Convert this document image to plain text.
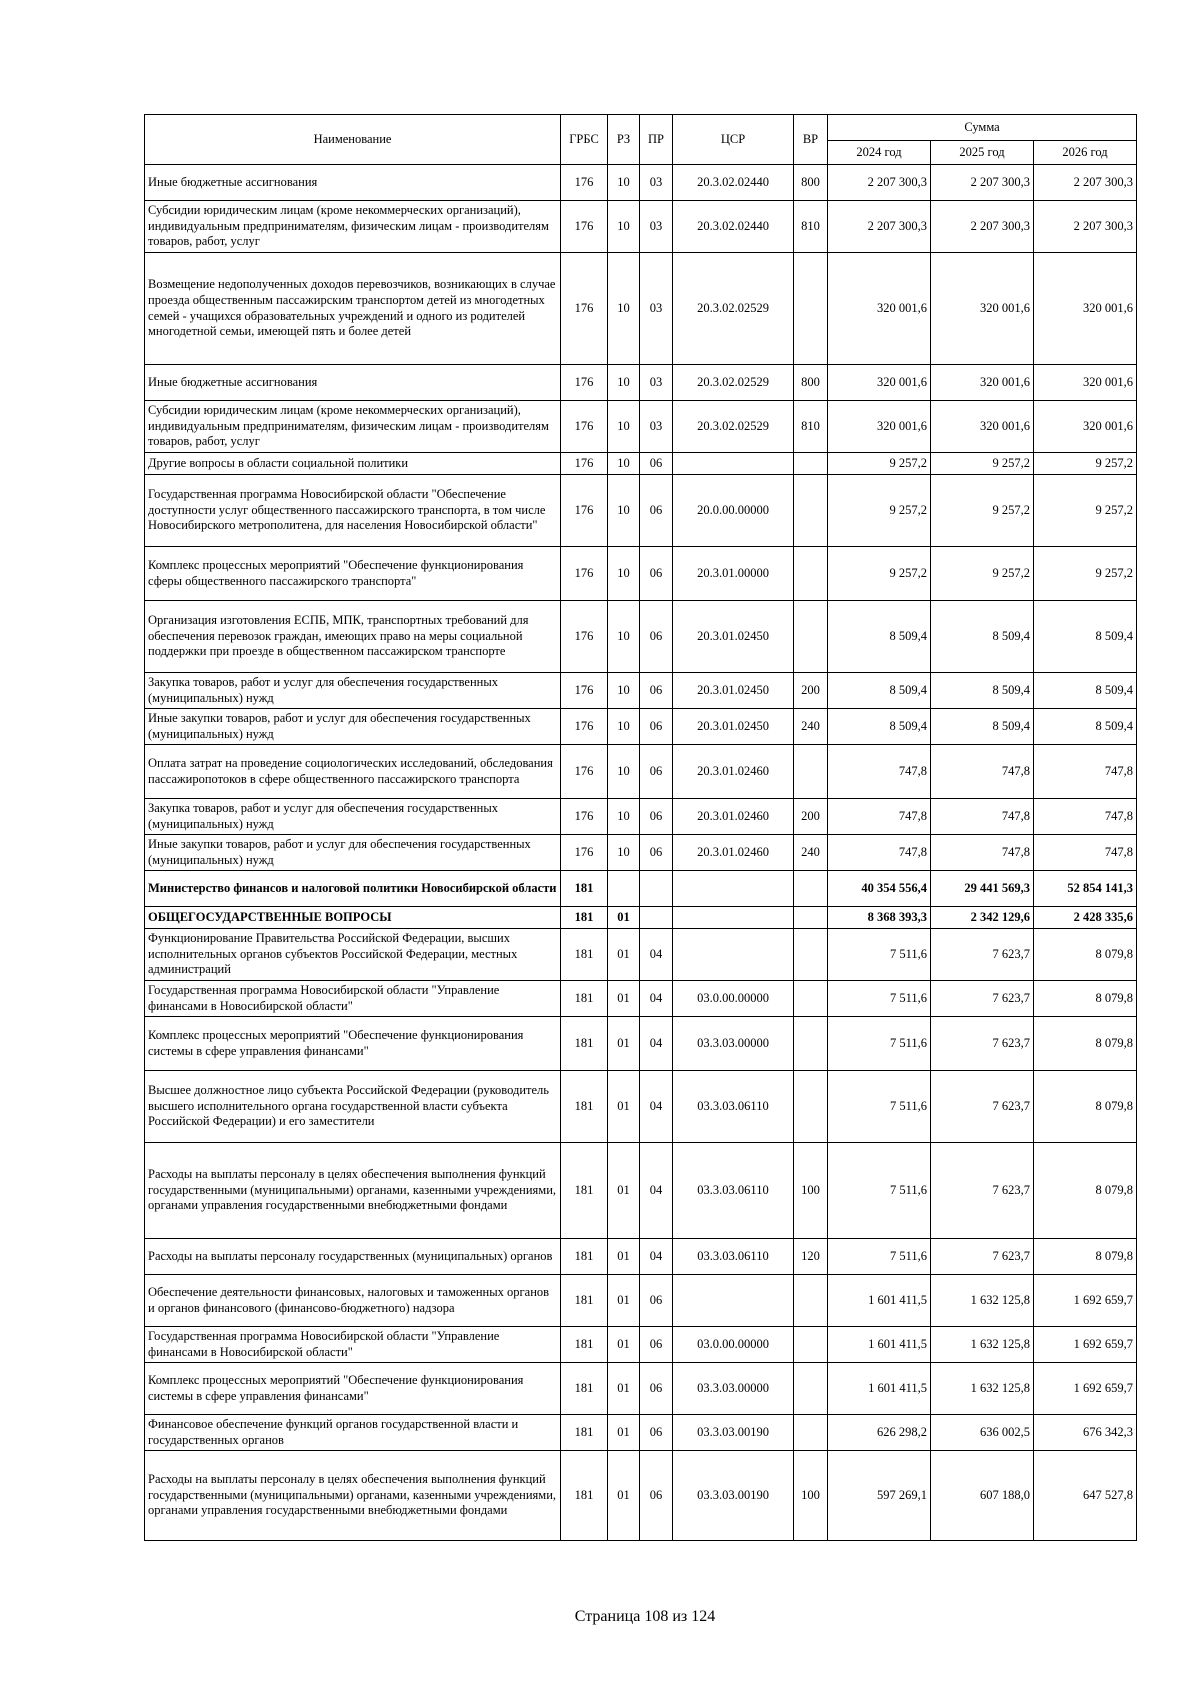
Наименование	ГРБС	РЗ	ПР	ЦСР	ВР	Сумма		
						2024 год	2025 год	2026 год
Иные бюджетные ассигнования	176	10	03	20.3.02.02440	800	2 207 300,3	2 207 300,3	2 207 300,3
Субсидии юридическим лицам (кроме некоммерческих организаций), индивидуальным предпринимателям, физическим лицам - производителям товаров, работ, услуг	176	10	03	20.3.02.02440	810	2 207 300,3	2 207 300,3	2 207 300,3
Возмещение недополученных доходов перевозчиков, возникающих в случае проезда общественным пассажирским транспортом детей из многодетных семей - учащихся образовательных учреждений и одного из родителей многодетной семьи, имеющей пять и более детей	176	10	03	20.3.02.02529		320 001,6	320 001,6	320 001,6
Иные бюджетные ассигнования	176	10	03	20.3.02.02529	800	320 001,6	320 001,6	320 001,6
Субсидии юридическим лицам (кроме некоммерческих организаций), индивидуальным предпринимателям, физическим лицам - производителям товаров, работ, услуг	176	10	03	20.3.02.02529	810	320 001,6	320 001,6	320 001,6
Другие вопросы в области социальной политики	176	10	06			9 257,2	9 257,2	9 257,2
Государственная программа Новосибирской области "Обеспечение доступности услуг общественного пассажирского транспорта, в том числе Новосибирского метрополитена, для населения Новосибирской области"	176	10	06	20.0.00.00000		9 257,2	9 257,2	9 257,2
Комплекс процессных мероприятий "Обеспечение функционирования сферы общественного пассажирского транспорта"	176	10	06	20.3.01.00000		9 257,2	9 257,2	9 257,2
Организация изготовления ЕСПБ, МПК, транспортных требований для обеспечения перевозок граждан, имеющих право на меры социальной поддержки при проезде в общественном пассажирском транспорте	176	10	06	20.3.01.02450		8 509,4	8 509,4	8 509,4
Закупка товаров, работ и услуг для обеспечения государственных (муниципальных) нужд	176	10	06	20.3.01.02450	200	8 509,4	8 509,4	8 509,4
Иные закупки товаров, работ и услуг для обеспечения государственных (муниципальных) нужд	176	10	06	20.3.01.02450	240	8 509,4	8 509,4	8 509,4
Оплата затрат на проведение социологических исследований, обследования пассажиропотоков в сфере общественного пассажирского транспорта	176	10	06	20.3.01.02460		747,8	747,8	747,8
Закупка товаров, работ и услуг для обеспечения государственных (муниципальных) нужд	176	10	06	20.3.01.02460	200	747,8	747,8	747,8
Иные закупки товаров, работ и услуг для обеспечения государственных (муниципальных) нужд	176	10	06	20.3.01.02460	240	747,8	747,8	747,8
Министерство финансов и налоговой политики Новосибирской области	181					40 354 556,4	29 441 569,3	52 854 141,3
ОБЩЕГОСУДАРСТВЕННЫЕ ВОПРОСЫ	181	01				8 368 393,3	2 342 129,6	2 428 335,6
Функционирование Правительства Российской Федерации, высших исполнительных органов субъектов Российской Федерации, местных администраций	181	01	04			7 511,6	7 623,7	8 079,8
Государственная программа Новосибирской области "Управление финансами в Новосибирской области"	181	01	04	03.0.00.00000		7 511,6	7 623,7	8 079,8
Комплекс процессных мероприятий "Обеспечение функционирования системы в сфере управления финансами"	181	01	04	03.3.03.00000		7 511,6	7 623,7	8 079,8
Высшее должностное лицо субъекта Российской Федерации (руководитель высшего исполнительного органа государственной власти субъекта Российской Федерации) и его заместители	181	01	04	03.3.03.06110		7 511,6	7 623,7	8 079,8
Расходы на выплаты персоналу в целях обеспечения выполнения функций государственными (муниципальными) органами, казенными учреждениями, органами управления государственными внебюджетными фондами	181	01	04	03.3.03.06110	100	7 511,6	7 623,7	8 079,8
Расходы на выплаты персоналу государственных (муниципальных) органов	181	01	04	03.3.03.06110	120	7 511,6	7 623,7	8 079,8
Обеспечение деятельности финансовых, налоговых и таможенных органов и органов финансового (финансово-бюджетного) надзора	181	01	06			1 601 411,5	1 632 125,8	1 692 659,7
Государственная программа Новосибирской области "Управление финансами в Новосибирской области"	181	01	06	03.0.00.00000		1 601 411,5	1 632 125,8	1 692 659,7
Комплекс процессных мероприятий "Обеспечение функционирования системы в сфере управления финансами"	181	01	06	03.3.03.00000		1 601 411,5	1 632 125,8	1 692 659,7
Финансовое обеспечение функций органов государственной власти и государственных органов	181	01	06	03.3.03.00190		626 298,2	636 002,5	676 342,3
Расходы на выплаты персоналу в целях обеспечения выполнения функций государственными (муниципальными) органами, казенными учреждениями, органами управления государственными внебюджетными фондами	181	01	06	03.3.03.00190	100	597 269,1	607 188,0	647 527,8
Страница 108 из 124
